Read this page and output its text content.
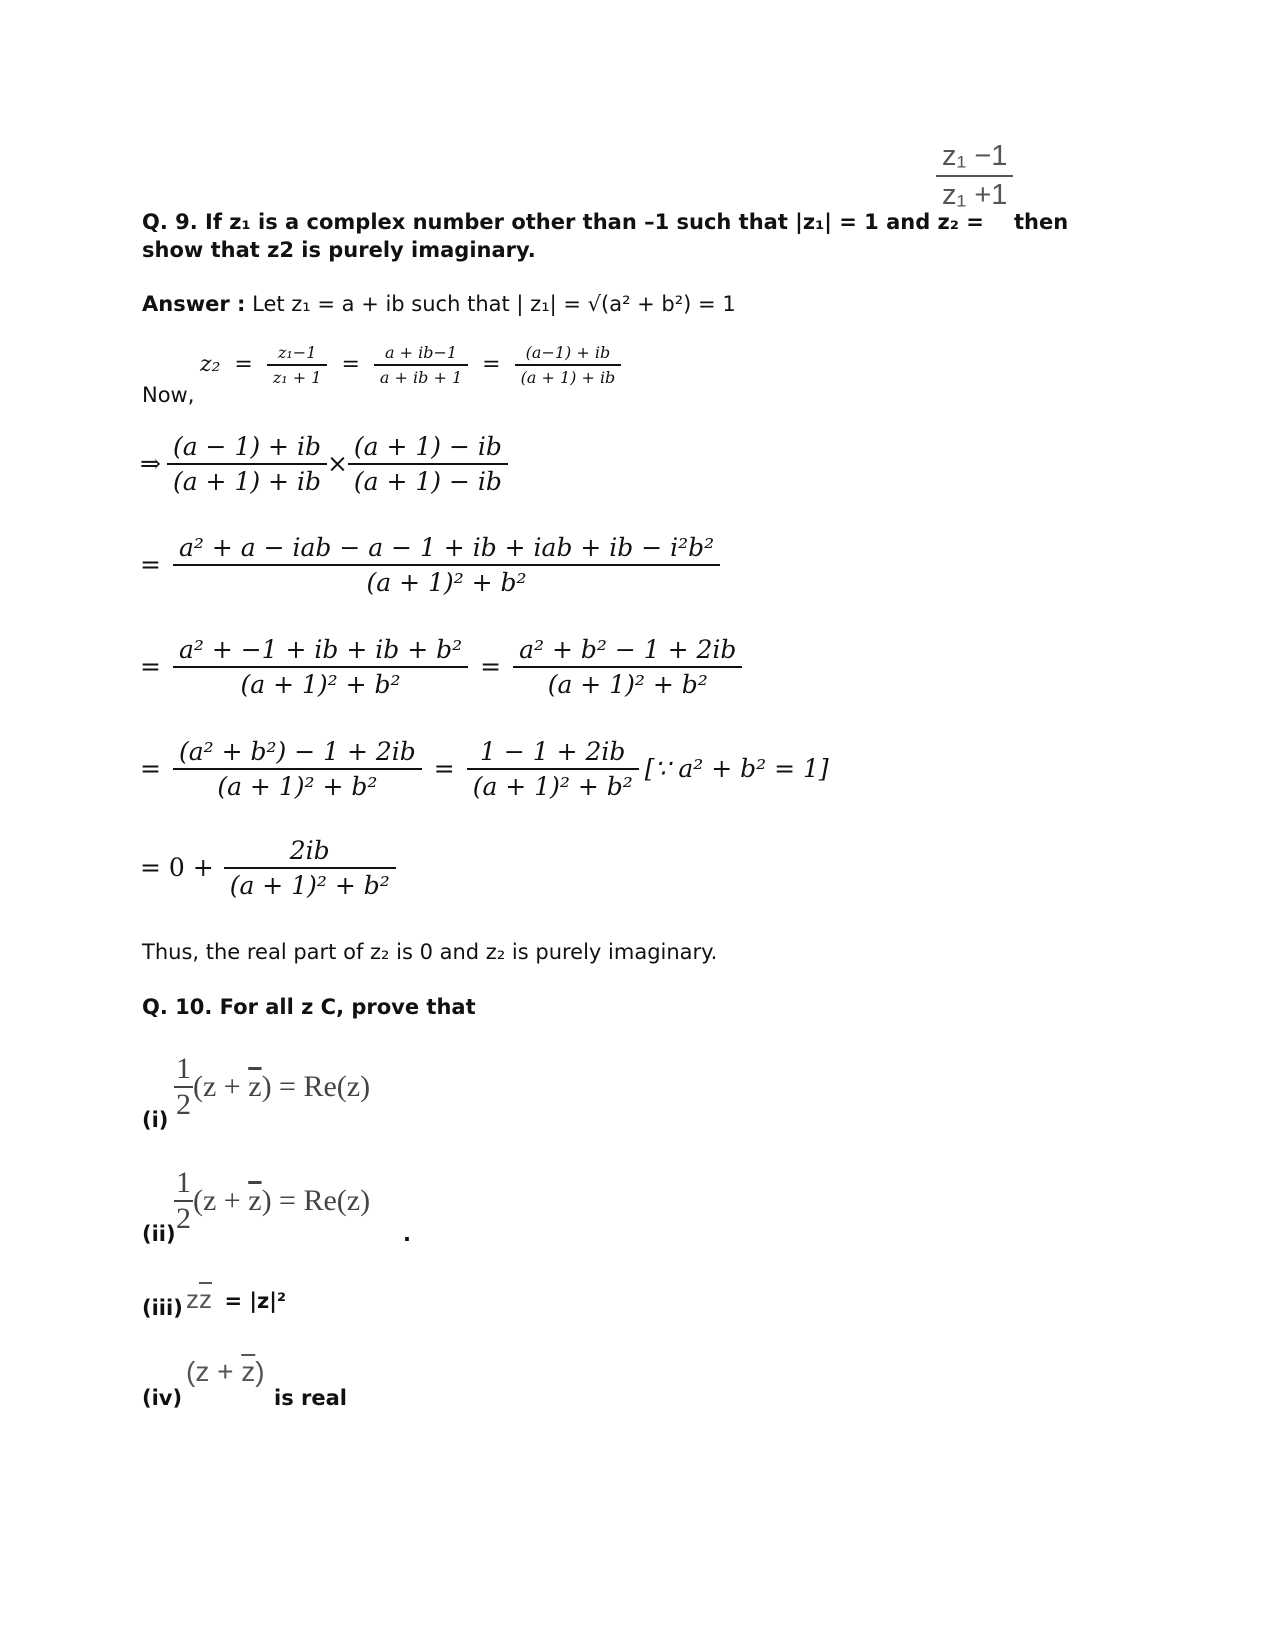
$\frac{\text{z₁ −1}}{\text{z₁ +1}}$
Q. 9. If z₁ is a complex number other than –1 such that |z₁| = 1 and z₂ = then
show that z2 is purely imaginary.
Answer : Let z₁ = a + ib such that | z₁| = √(a² + b²) = 1
Now,
$z_2 = \frac{\text{z₁−1}}{\text{z₁ + 1}} = \frac{a + ib-1}{a + ib + 1} = \frac{(a-1) + ib}{(a + 1) + ib}$
⇒ $\frac{(a - 1) + ib}{(a + 1) + ib} \times \frac{(a + 1) - ib}{(a + 1) - ib}$
= $\frac{\text{a² + a − iab − a − 1 + ib + iab + ib − i²b²}}{\text{(a + 1)² + b²}}$
= $\frac{\text{a² + −1 + ib + ib + b²}}{\text{(a + 1)² + b²}} = \frac{\text{a² + b² − 1 + 2ib}}{\text{(a + 1)² + b²}}$
= $\frac{\text{(a² + b²) − 1 + 2ib}}{\text{(a + 1)² + b²}} = \frac{1 - 1 + 2ib}{\text{(a + 1)² + b²}}$ [∵ a² + b² = 1]
= $0 + \frac{2ib}{\text{(a + 1)² + b²}}$
Thus, the real part of z₂ is 0 and z₂ is purely imaginary.
Q. 10. For all z C, prove that
$(i) \frac{1}{2} (z + \overline{z}) = Re(z)$
(ii)
$\frac{1}{2} (z + \overline{z}) = Re(z)$
.
(iii) $z\overline{z} = |z|^2$
(iv)
$(z + \overline{z})$
is real
